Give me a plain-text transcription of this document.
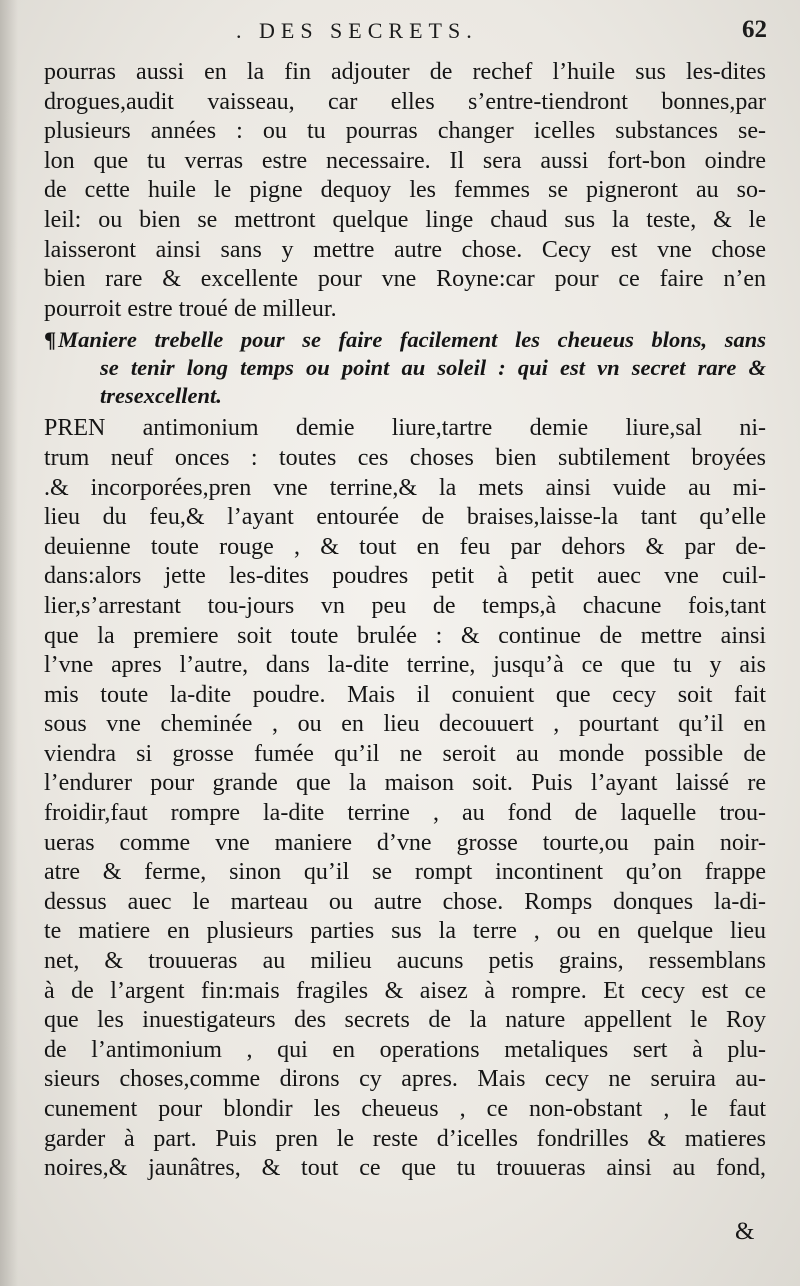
. DES SECRETS.	62
pourras aussi en la fin adjouter de rechef l’huile sus les-dites
drogues,audit vaisseau, car elles s’entre-tiendront bonnes,par
plusieurs années : ou tu pourras changer icelles substances se-
lon que tu verras estre necessaire. Il sera aussi fort-bon oindre
de cette huile le pigne dequoy les femmes se pigneront au so-
leil: ou bien se mettront quelque linge chaud sus la teste, & le
laisseront ainsi sans y mettre autre chose. Cecy est vne chose
bien rare & excellente pour vne Royne:car pour ce faire n’en
pourroit estre troué de milleur.
¶Maniere trebelle pour se faire facilement les cheueus blons, sans
se tenir long temps ou point au soleil : qui est vn secret rare &
tresexcellent.
PREN antimonium demie liure,tartre demie liure,sal ni-
trum neuf onces : toutes ces choses bien subtilement broyées
.& incorporées,pren vne terrine,& la mets ainsi vuide au mi-
lieu du feu,& l’ayant entourée de braises,laisse-la tant qu’elle
deuienne toute rouge , & tout en feu par dehors & par de-
dans:alors jette les-dites poudres petit à petit auec vne cuil-
lier,s’arrestant tou-jours vn peu de temps,à chacune fois,tant
que la premiere soit toute brulée : & continue de mettre ainsi
l’vne apres l’autre, dans la-dite terrine, jusqu’à ce que tu y ais
mis toute la-dite poudre. Mais il conuient que cecy soit fait
sous vne cheminée , ou en lieu decouuert , pourtant qu’il en
viendra si grosse fumée qu’il ne seroit au monde possible de
l’endurer pour grande que la maison soit. Puis l’ayant laissé re
froidir,faut rompre la-dite terrine , au fond de laquelle trou-
ueras comme vne maniere d’vne grosse tourte,ou pain noir-
atre & ferme, sinon qu’il se rompt incontinent qu’on frappe
dessus auec le marteau ou autre chose. Romps donques la-di-
te matiere en plusieurs parties sus la terre , ou en quelque lieu
net, & trouueras au milieu aucuns petis grains, ressemblans
à de l’argent fin:mais fragiles & aisez à rompre. Et cecy est ce
que les inuestigateurs des secrets de la nature appellent le Roy
de l’antimonium , qui en operations metaliques sert à plu-
sieurs choses,comme dirons cy apres. Mais cecy ne seruira au-
cunement pour blondir les cheueus , ce non-obstant , le faut
garder à part. Puis pren le reste d’icelles fondrilles & matieres
noires,& jaunâtres, & tout ce que tu trouueras ainsi au fond,
&
